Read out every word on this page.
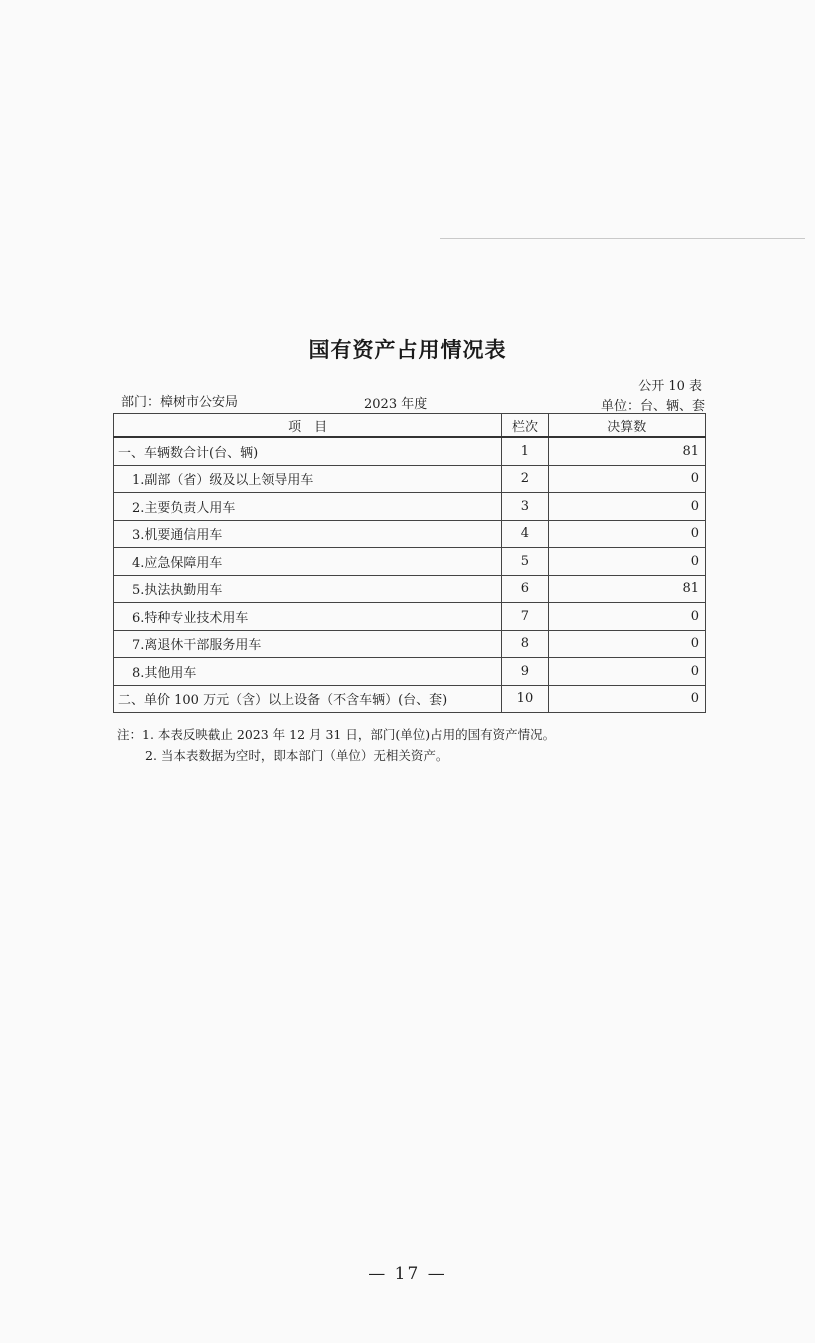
国有资产占用情况表
公开 10 表
部门：樟树市公安局	2023 年度	单位：台、辆、套
项　目	栏次	决算数
一、车辆数合计(台、辆)	1	81
1.副部（省）级及以上领导用车	2	0
2.主要负责人用车	3	0
3.机要通信用车	4	0
4.应急保障用车	5	0
5.执法执勤用车	6	81
6.特种专业技术用车	7	0
7.离退休干部服务用车	8	0
8.其他用车	9	0
二、单价 100 万元（含）以上设备（不含车辆）(台、套)	10	0
注：1. 本表反映截止 2023 年 12 月 31 日，部门(单位)占用的国有资产情况。
2. 当本表数据为空时，即本部门（单位）无相关资产。
— 17 —
